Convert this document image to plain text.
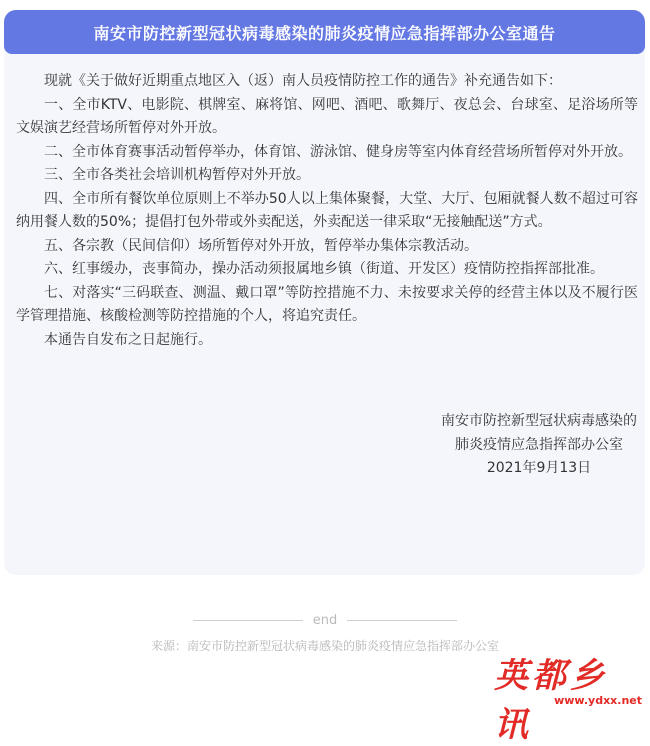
南安市防控新型冠状病毒感染的肺炎疫情应急指挥部办公室通告

现就《关于做好近期重点地区入（返）南人员疫情防控工作的通告》补充通告如下：

一、全市KTV、电影院、棋牌室、麻将馆、网吧、酒吧、歌舞厅、夜总会、台球室、足浴场所等文娱演艺经营场所暂停对外开放。

二、全市体育赛事活动暂停举办，体育馆、游泳馆、健身房等室内体育经营场所暂停对外开放。

三、全市各类社会培训机构暂停对外开放。

四、全市所有餐饮单位原则上不举办50人以上集体聚餐，大堂、大厅、包厢就餐人数不超过可容纳用餐人数的50%；提倡打包外带或外卖配送，外卖配送一律采取“无接触配送”方式。

五、各宗教（民间信仰）场所暂停对外开放，暂停举办集体宗教活动。

六、红事缓办，丧事简办，操办活动须报属地乡镇（街道、开发区）疫情防控指挥部批准。

七、对落实“三码联查、测温、戴口罩”等防控措施不力、未按要求关停的经营主体以及不履行医学管理措施、核酸检测等防控措施的个人，将追究责任。

本通告自发布之日起施行。

南安市防控新型冠状病毒感染的
肺炎疫情应急指挥部办公室
2021年9月13日
end
来源：南安市防控新型冠状病毒感染的肺炎疫情应急指挥部办公室
英都乡讯
www.ydxx.net
